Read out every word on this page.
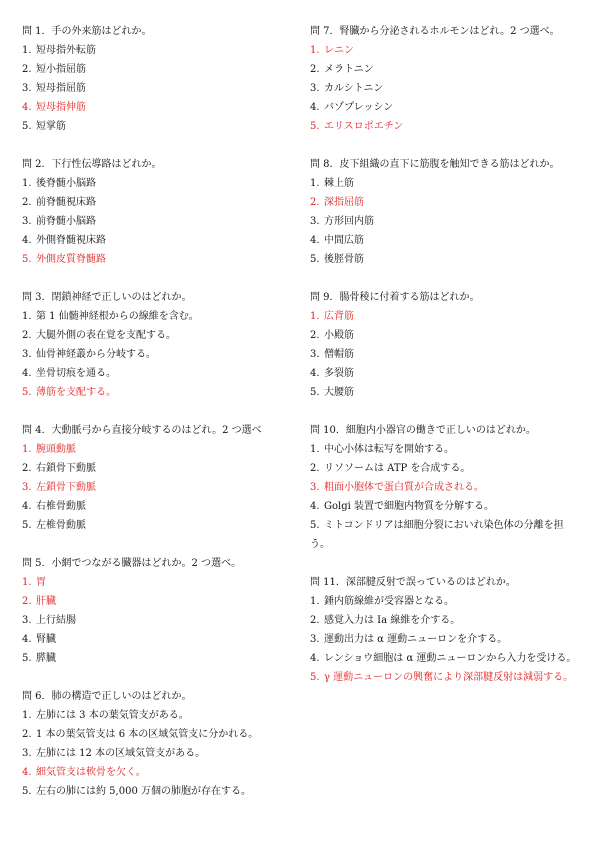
問 1．手の外来筋はどれか。
1. 短母指外転筋
2. 短小指屈筋
3. 短母指屈筋
4. 短母指伸筋
5. 短掌筋
問 2．下行性伝導路はどれか。
1. 後脊髄小脳路
2. 前脊髄視床路
3. 前脊髄小脳路
4. 外側脊髄視床路
5. 外側皮質脊髄路
問 3．閉鎖神経で正しいのはどれか。
1. 第 1 仙髄神経根からの線維を含む。
2. 大腿外側の表在覚を支配する。
3. 仙骨神経叢から分岐する。
4. 坐骨切痕を通る。
5. 薄筋を支配する。
問 4．大動脈弓から直接分岐するのはどれ。2 つ選べ
1. 腕頭動脈
2. 右鎖骨下動脈
3. 左鎖骨下動脈
4. 右椎骨動脈
5. 左椎骨動脈
問 5．小網でつながる臓器はどれか。2 つ選べ。
1. 胃
2. 肝臓
3. 上行結腸
4. 腎臓
5. 膵臓
問 6．肺の構造で正しいのはどれか。
1. 左肺には 3 本の葉気管支がある。
2. 1 本の葉気管支は 6 本の区域気管支に分かれる。
3. 左肺には 12 本の区域気管支がある。
4. 細気管支は軟骨を欠く。
5. 左右の肺には約 5,000 万個の肺胞が存在する。
問 7．腎臓から分泌されるホルモンはどれ。2 つ選べ。
1. レニン
2. メラトニン
3. カルシトニン
4. バゾプレッシン
5. エリスロポエチン
問 8．皮下組織の直下に筋腹を触知できる筋はどれか。
1. 棘上筋
2. 深指屈筋
3. 方形回内筋
4. 中間広筋
5. 後脛骨筋
問 9．腸骨稜に付着する筋はどれか。
1. 広背筋
2. 小殿筋
3. 僧帽筋
4. 多裂筋
5. 大腰筋
問 10．細胞内小器官の働きで正しいのはどれか。
1. 中心小体は転写を開始する。
2. リソソームは ATP を合成する。
3. 粗面小胞体で蛋白質が合成される。
4. Golgi 装置で細胞内物質を分解する。
5. ミトコンドリアは細胞分裂においれ染色体の分離を担う。
問 11．深部腱反射で誤っているのはどれか。
1. 錘内筋線維が受容器となる。
2. 感覚入力は Ia 線維を介する。
3. 運動出力は α 運動ニューロンを介する。
4. レンショウ細胞は α 運動ニューロンから入力を受ける。
5. γ 運動ニューロンの興奮により深部腱反射は減弱する。
